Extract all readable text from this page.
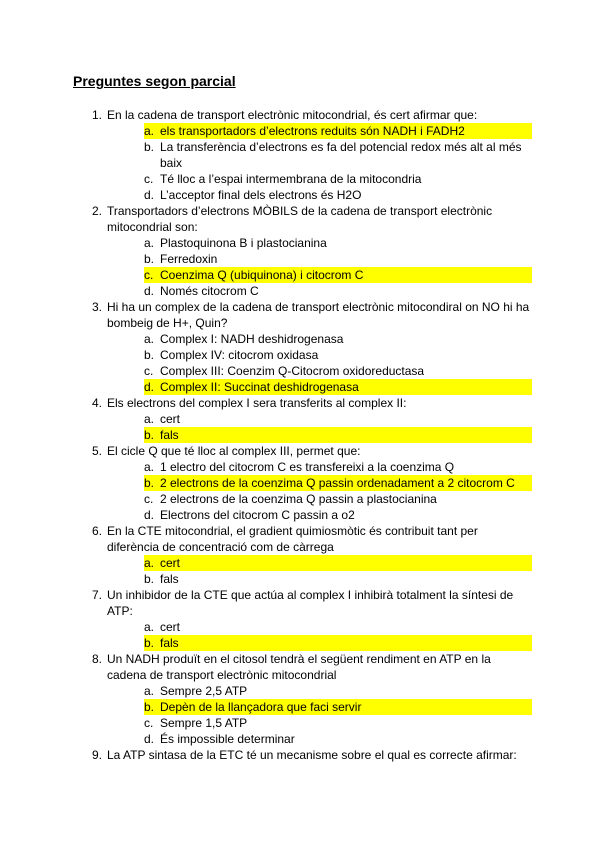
Preguntes segon parcial
1. En la cadena de transport electrònic mitocondrial, és cert afirmar que:
a. els transportadors d’electrons reduits són NADH i FADH2
b. La transferència d’electrons es fa del potencial redox més alt al més baix
c. Té lloc a l’espai intermembrana de la mitocondria
d. L’acceptor final dels electrons és H2O
2. Transportadors d’electrons MÒBILS de la cadena de transport electrònic mitocondrial son:
a. Plastoquinona B i plastocianina
b. Ferredoxin
c. Coenzima Q (ubiquinona) i citocrom C
d. Només citocrom C
3. Hi ha un complex de la cadena de transport electrònic mitocondiral on NO hi ha bombeig de H+, Quin?
a. Complex I: NADH deshidrogenasa
b. Complex IV: citocrom oxidasa
c. Complex III: Coenzim Q-Citocrom oxidoreductasa
d. Complex II: Succinat deshidrogenasa
4. Els electrons del complex I sera transferits al complex II:
a. cert
b. fals
5. El cicle Q que té lloc al complex III, permet que:
a. 1 electro del citocrom C es transfereixi a la coenzima Q
b. 2 electrons de la coenzima Q passin ordenadament a 2 citocrom C
c. 2 electrons de la coenzima Q passin a plastocianina
d. Electrons del citocrom C passin a o2
6. En la CTE mitocondrial, el gradient quimiosmòtic és contribuit tant per diferència de concentració com de càrrega
a. cert
b. fals
7. Un inhibidor de la CTE que actúa al complex I inhibirà totalment la síntesi de ATP:
a. cert
b. fals
8. Un NADH produït en el citosol tendrà el següent rendiment en ATP en la cadena de transport electrònic mitocondrial
a. Sempre 2,5 ATP
b. Depèn de la llançadora que faci servir
c. Sempre 1,5 ATP
d. És impossible determinar
9. La ATP sintasa de la ETC té un mecanisme sobre el qual es correcte afirmar:
